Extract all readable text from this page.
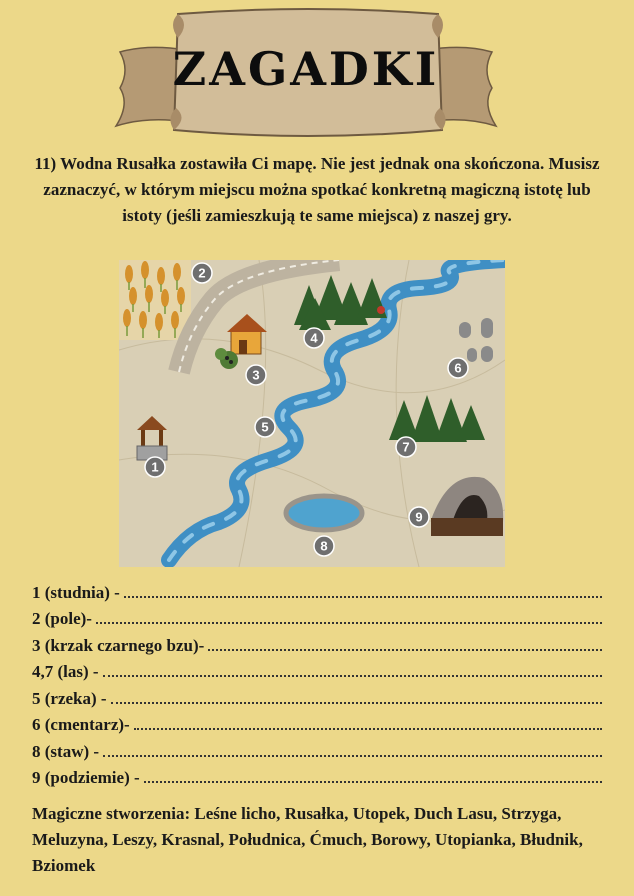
ZAGADKI
11) Wodna Rusałka zostawiła Ci mapę. Nie jest jednak ona skończona. Musisz zaznaczyć, w którym miejscu można spotkać konkretną magiczną istotę lub istoty (jeśli zamieszkują te same miejsca) z naszej gry.
1
2
3
4
5
6
7
8
9
1 (studnia) -
2 (pole)-
3 (krzak czarnego bzu)-
4,7 (las) -
5 (rzeka) -
6 (cmentarz)-
8 (staw) -
9 (podziemie) -
Magiczne stworzenia: Leśne licho, Rusałka, Utopek, Duch Lasu, Strzyga, Meluzyna, Leszy, Krasnal, Południca, Ćmuch, Borowy, Utopianka, Błudnik, Bziomek
